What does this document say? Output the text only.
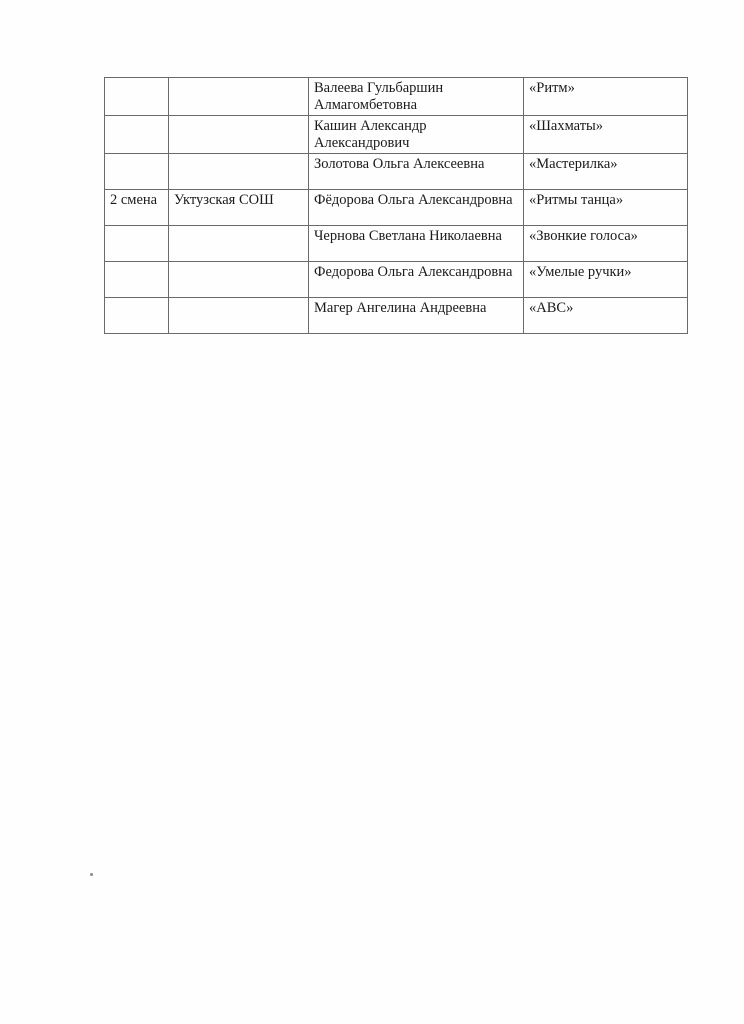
		Валеева Гульбаршин Алмагомбетовна	«Ритм»
		Кашин Александр Александрович	«Шахматы»
		Золотова Ольга Алексеевна	«Мастерилка»
2 смена	Уктузская СОШ	Фёдорова Ольга Александровна	«Ритмы танца»
		Чернова Светлана Николаевна	«Звонкие голоса»
		Федорова Ольга Александровна	«Умелые ручки»
		Магер Ангелина Андреевна	«АВС»
